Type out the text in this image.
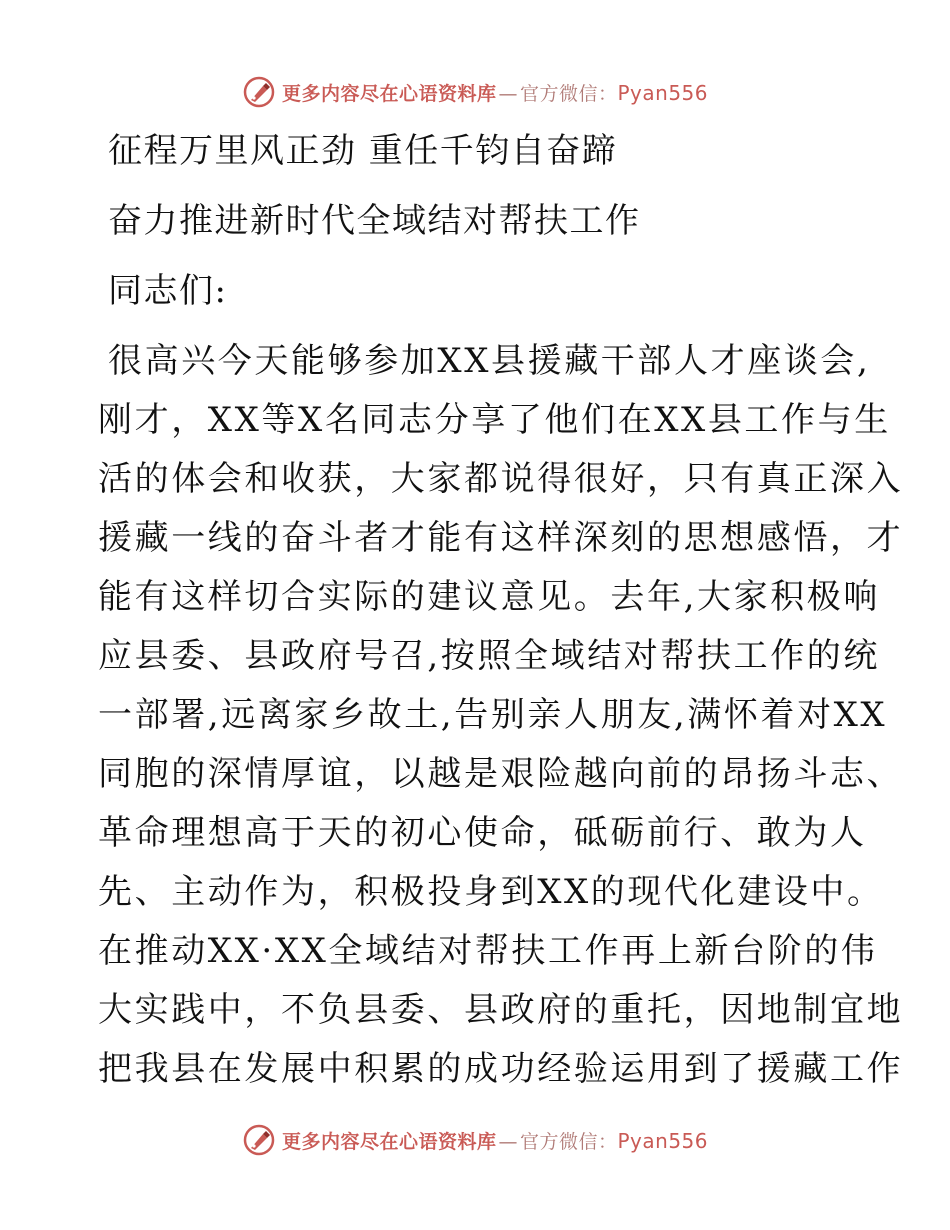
更多内容尽在心语资料库 — 官方微信：Pyan556
征程万里风正劲 重任千钧自奋蹄
奋力推进新时代全域结对帮扶工作
同志们:
很高兴今天能够参加XX县援藏干部人才座谈会,
刚才，XX等X名同志分享了他们在XX县工作与生
活的体会和收获，大家都说得很好，只有真正深入
援藏一线的奋斗者才能有这样深刻的思想感悟，才
能有这样切合实际的建议意见。去年,大家积极响
应县委、县政府号召,按照全域结对帮扶工作的统
一部署,远离家乡故土,告别亲人朋友,满怀着对XX
同胞的深情厚谊，以越是艰险越向前的昂扬斗志、
革命理想高于天的初心使命，砥砺前行、敢为人
先、主动作为，积极投身到XX的现代化建设中。
在推动XX·XX全域结对帮扶工作再上新台阶的伟
大实践中，不负县委、县政府的重托，因地制宜地
把我县在发展中积累的成功经验运用到了援藏工作
更多内容尽在心语资料库 — 官方微信：Pyan556
